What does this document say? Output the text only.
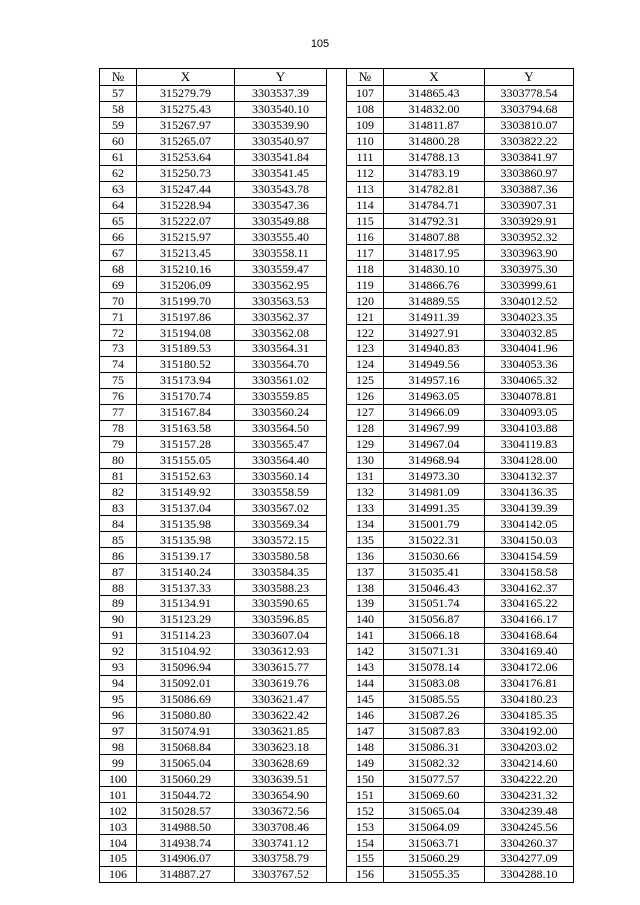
105
№	X	Y		№	X	Y
57	315279.79	3303537.39		107	314865.43	3303778.54
58	315275.43	3303540.10		108	314832.00	3303794.68
59	315267.97	3303539.90		109	314811.87	3303810.07
60	315265.07	3303540.97		110	314800.28	3303822.22
61	315253.64	3303541.84		111	314788.13	3303841.97
62	315250.73	3303541.45		112	314783.19	3303860.97
63	315247.44	3303543.78		113	314782.81	3303887.36
64	315228.94	3303547.36		114	314784.71	3303907.31
65	315222.07	3303549.88		115	314792.31	3303929.91
66	315215.97	3303555.40		116	314807.88	3303952.32
67	315213.45	3303558.11		117	314817.95	3303963.90
68	315210.16	3303559.47		118	314830.10	3303975.30
69	315206.09	3303562.95		119	314866.76	3303999.61
70	315199.70	3303563.53		120	314889.55	3304012.52
71	315197.86	3303562.37		121	314911.39	3304023.35
72	315194.08	3303562.08		122	314927.91	3304032.85
73	315189.53	3303564.31		123	314940.83	3304041.96
74	315180.52	3303564.70		124	314949.56	3304053.36
75	315173.94	3303561.02		125	314957.16	3304065.32
76	315170.74	3303559.85		126	314963.05	3304078.81
77	315167.84	3303560.24		127	314966.09	3304093.05
78	315163.58	3303564.50		128	314967.99	3304103.88
79	315157.28	3303565.47		129	314967.04	3304119.83
80	315155.05	3303564.40		130	314968.94	3304128.00
81	315152.63	3303560.14		131	314973.30	3304132.37
82	315149.92	3303558.59		132	314981.09	3304136.35
83	315137.04	3303567.02		133	314991.35	3304139.39
84	315135.98	3303569.34		134	315001.79	3304142.05
85	315135.98	3303572.15		135	315022.31	3304150.03
86	315139.17	3303580.58		136	315030.66	3304154.59
87	315140.24	3303584.35		137	315035.41	3304158.58
88	315137.33	3303588.23		138	315046.43	3304162.37
89	315134.91	3303590.65		139	315051.74	3304165.22
90	315123.29	3303596.85		140	315056.87	3304166.17
91	315114.23	3303607.04		141	315066.18	3304168.64
92	315104.92	3303612.93		142	315071.31	3304169.40
93	315096.94	3303615.77		143	315078.14	3304172.06
94	315092.01	3303619.76		144	315083.08	3304176.81
95	315086.69	3303621.47		145	315085.55	3304180.23
96	315080.80	3303622.42		146	315087.26	3304185.35
97	315074.91	3303621.85		147	315087.83	3304192.00
98	315068.84	3303623.18		148	315086.31	3304203.02
99	315065.04	3303628.69		149	315082.32	3304214.60
100	315060.29	3303639.51		150	315077.57	3304222.20
101	315044.72	3303654.90		151	315069.60	3304231.32
102	315028.57	3303672.56		152	315065.04	3304239.48
103	314988.50	3303708.46		153	315064.09	3304245.56
104	314938.74	3303741.12		154	315063.71	3304260.37
105	314906.07	3303758.79		155	315060.29	3304277.09
106	314887.27	3303767.52		156	315055.35	3304288.10
